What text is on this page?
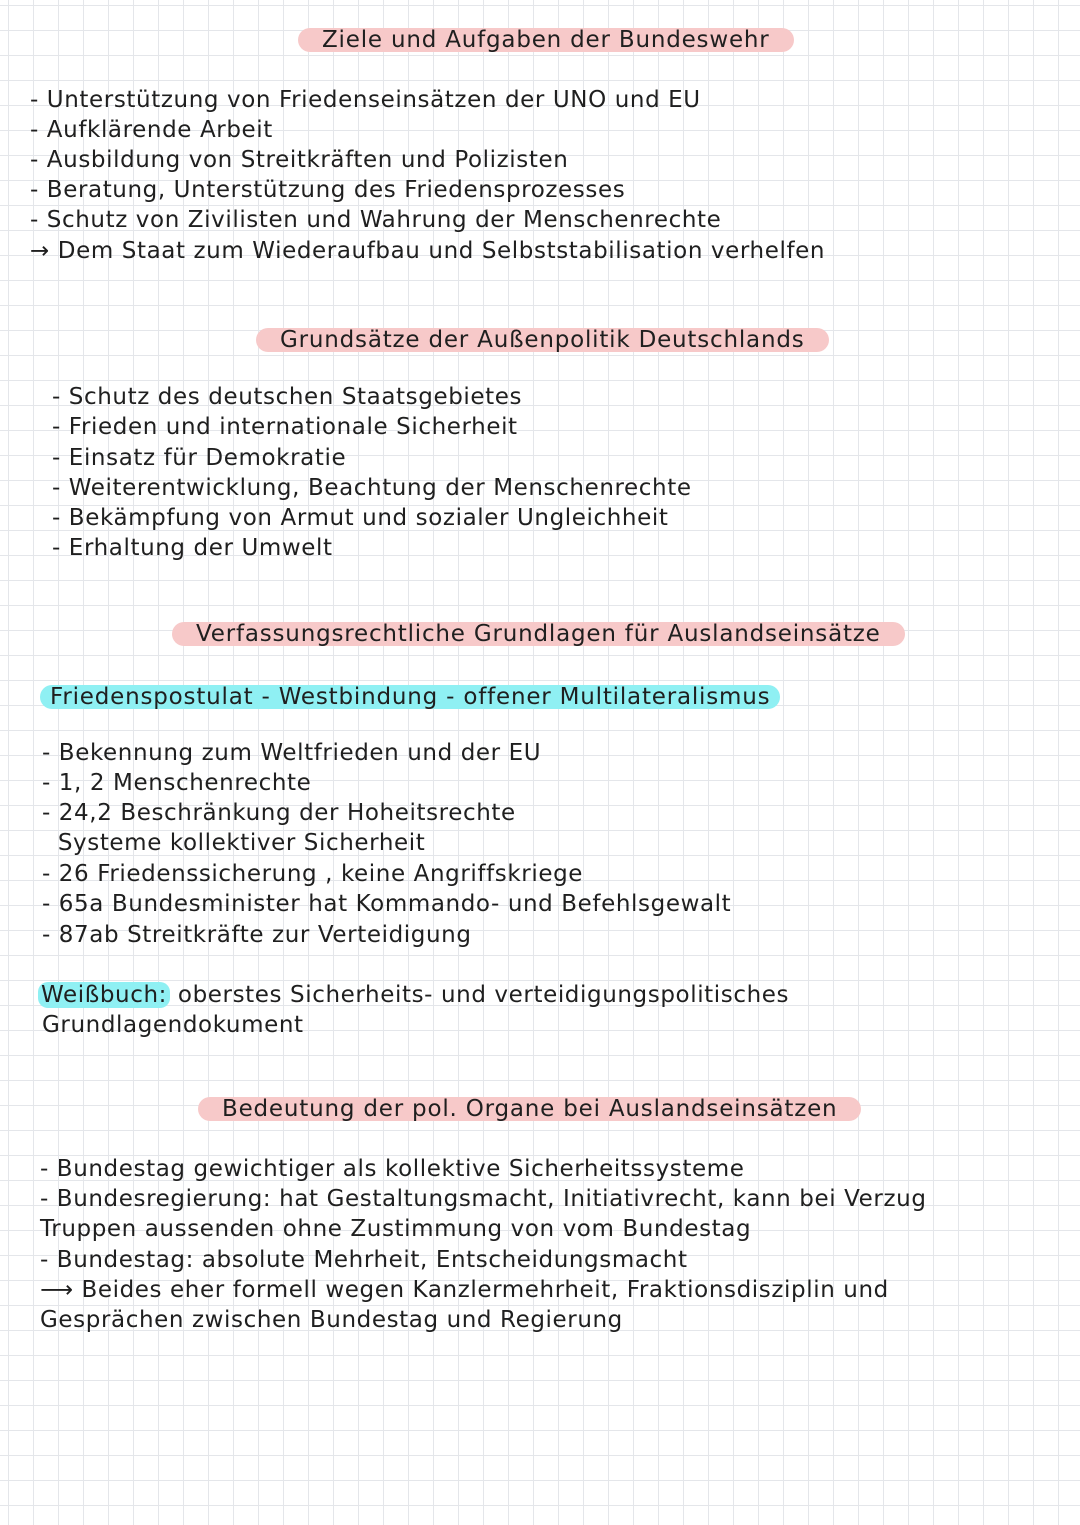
Ziele und Aufgaben der Bundeswehr
- Unterstützung von Friedenseinsätzen der UNO und EU
- Aufklärende Arbeit
- Ausbildung von Streitkräften und Polizisten
- Beratung, Unterstützung des Friedensprozesses
- Schutz von Zivilisten und Wahrung der Menschenrechte
→ Dem Staat zum Wiederaufbau und Selbststabilisation verhelfen
Grundsätze der Außenpolitik Deutschlands
- Schutz des deutschen Staatsgebietes
- Frieden und internationale Sicherheit
- Einsatz für Demokratie
- Weiterentwicklung, Beachtung der Menschenrechte
- Bekämpfung von Armut und sozialer Ungleichheit
- Erhaltung der Umwelt
Verfassungsrechtliche Grundlagen für Auslandseinsätze
Friedenspostulat - Westbindung - offener Multilateralismus
- Bekennung zum Weltfrieden und der EU
- 1, 2 Menschenrechte
- 24,2 Beschränkung der Hoheitsrechte
Systeme kollektiver Sicherheit
- 26 Friedenssicherung , keine Angriffskriege
- 65a Bundesminister hat Kommando- und Befehlsgewalt
- 87ab Streitkräfte zur Verteidigung
Weißbuch: oberstes Sicherheits- und verteidigungspolitisches
Grundlagendokument
Bedeutung der pol. Organe bei Auslandseinsätzen
- Bundestag gewichtiger als kollektive Sicherheitssysteme
- Bundesregierung: hat Gestaltungsmacht, Initiativrecht, kann bei Verzug
Truppen aussenden ohne Zustimmung von vom Bundestag
- Bundestag: absolute Mehrheit, Entscheidungsmacht
⟶ Beides eher formell wegen Kanzlermehrheit, Fraktionsdisziplin und
Gesprächen zwischen Bundestag und Regierung
